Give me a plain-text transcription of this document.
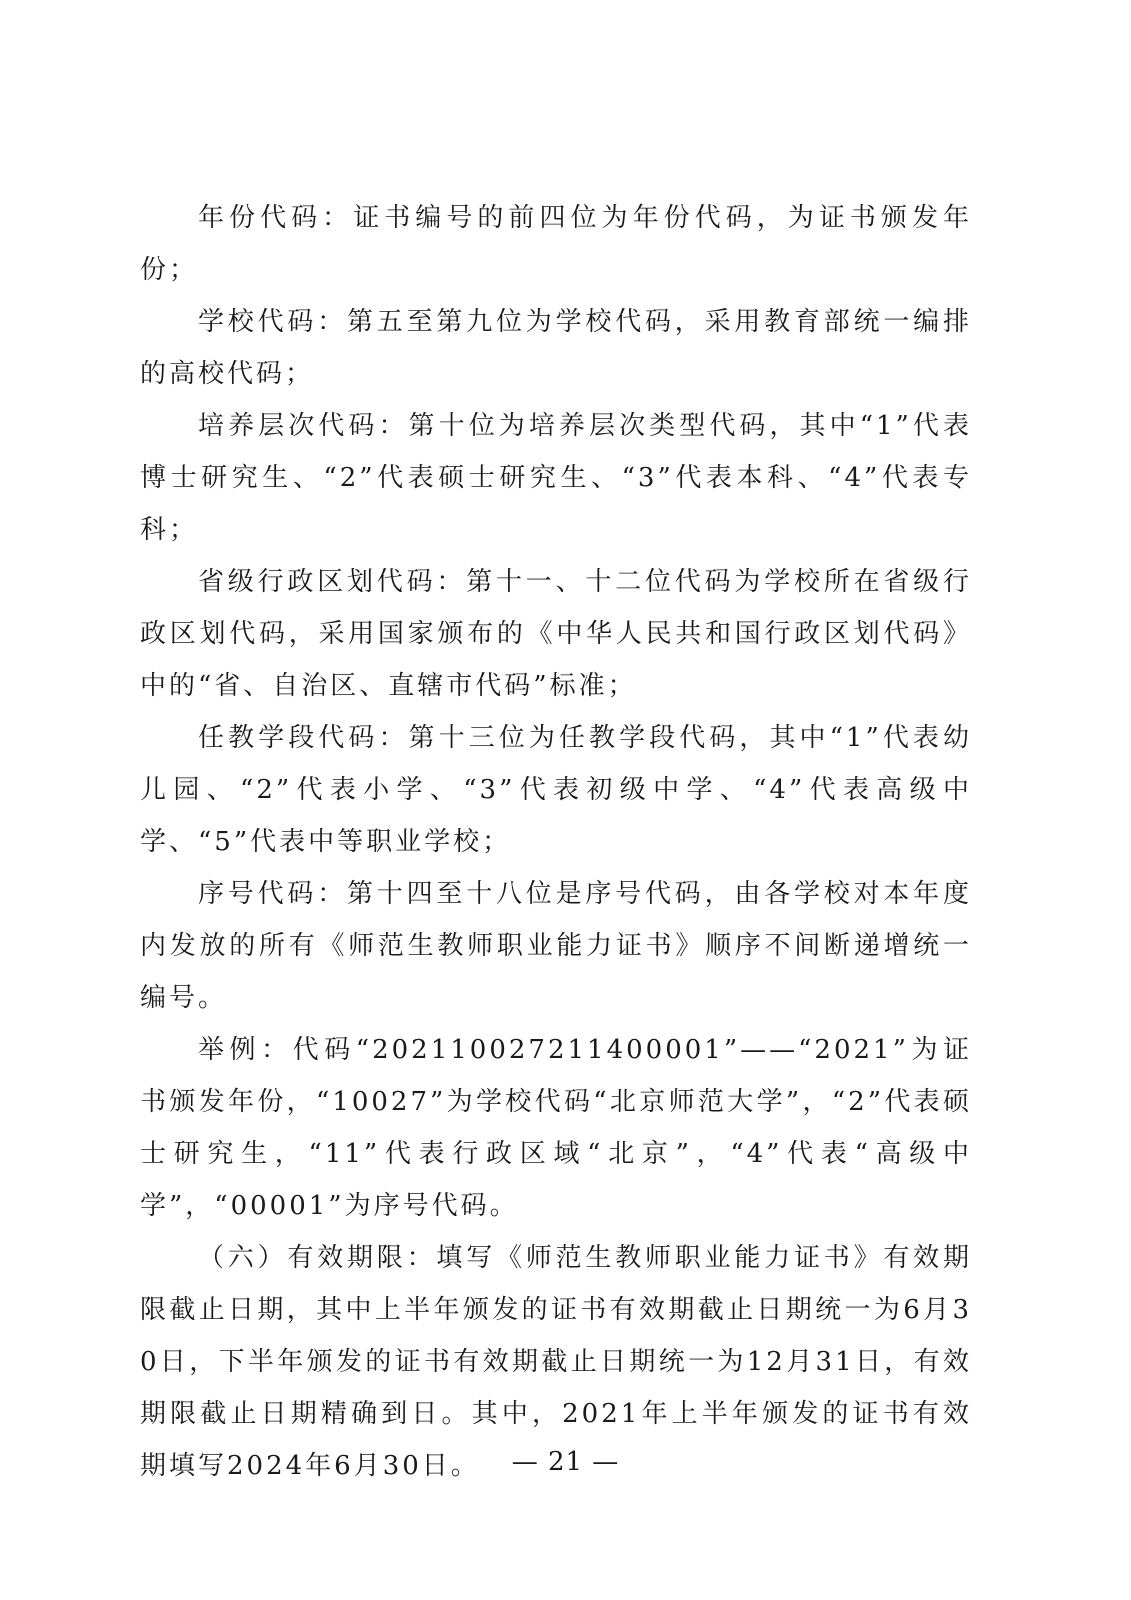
年份代码：证书编号的前四位为年份代码，为证书颁发年份；

学校代码：第五至第九位为学校代码，采用教育部统一编排的高校代码；

培养层次代码：第十位为培养层次类型代码，其中“1”代表博士研究生、“2”代表硕士研究生、“3”代表本科、“4”代表专科；

省级行政区划代码：第十一、十二位代码为学校所在省级行政区划代码，采用国家颁布的《中华人民共和国行政区划代码》中的“省、自治区、直辖市代码”标准；

任教学段代码：第十三位为任教学段代码，其中“1”代表幼儿园、“2”代表小学、“3”代表初级中学、“4”代表高级中学、“5”代表中等职业学校；

序号代码：第十四至十八位是序号代码，由各学校对本年度内发放的所有《师范生教师职业能力证书》顺序不间断递增统一编号。

举例：代码“202110027211400001”——“2021”为证书颁发年份，“10027”为学校代码“北京师范大学”，“2”代表硕士研究生，“11”代表行政区域“北京”，“4”代表“高级中学”，“00001”为序号代码。

（六）有效期限：填写《师范生教师职业能力证书》有效期限截止日期，其中上半年颁发的证书有效期截止日期统一为6月30日，下半年颁发的证书有效期截止日期统一为12月31日，有效期限截止日期精确到日。其中，2021年上半年颁发的证书有效期填写2024年6月30日。	— 21 —
